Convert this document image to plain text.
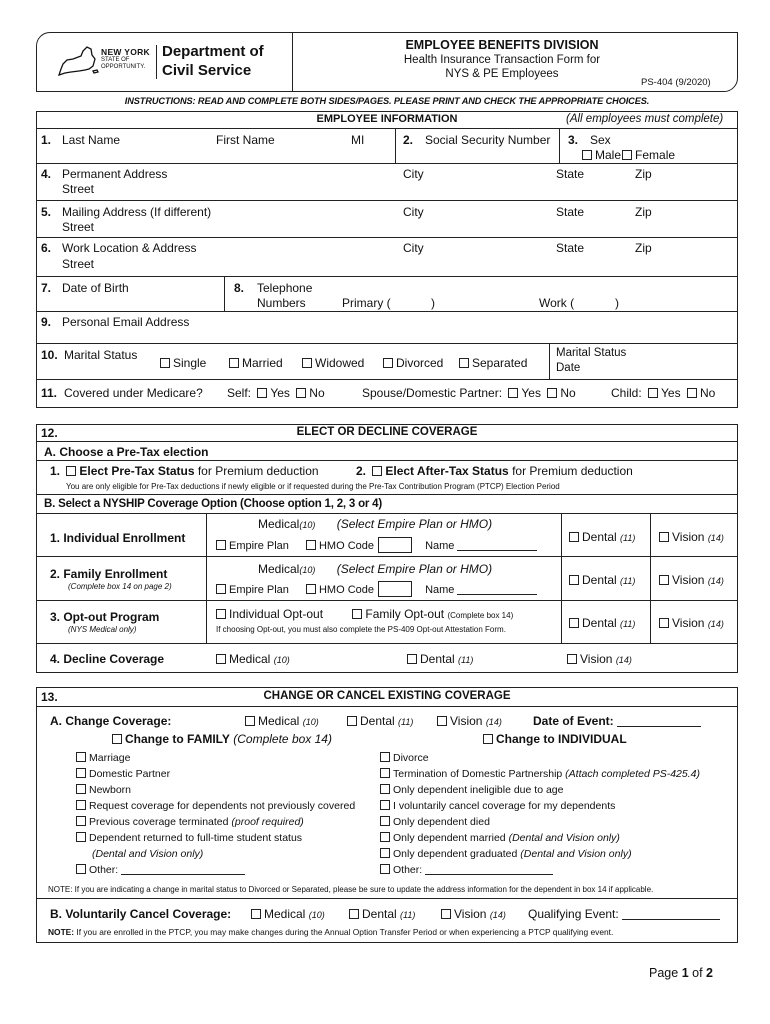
NEW YORK
STATE OF
OPPORTUNITY.
Department of
Civil Service
EMPLOYEE BENEFITS DIVISION
Health Insurance Transaction Form for
NYS & PE Employees
PS-404 (9/2020)
INSTRUCTIONS: READ AND COMPLETE BOTH SIDES/PAGES. PLEASE PRINT AND CHECK THE APPROPRIATE CHOICES.
EMPLOYEE INFORMATION	(All employees must complete)
1. Last Name	First Name	MI	2. Social Security Number 3. Sex
Male Female
4. Permanent Address
Street
City	State	Zip
5. Mailing Address (If different)
Street
City	State	Zip
6. Work Location & Address
Street
City	State	Zip
7. Date of Birth	8. Telephone
Numbers	Primary (	)	Work (	)
9. Personal Email Address
10. Marital Status
Single	Married	Widowed	Divorced	Separated
Marital Status
Date
11. Covered under Medicare? Self: Yes No	Spouse/Domestic Partner: Yes No	Child: Yes No
12.	ELECT OR DECLINE COVERAGE
A. Choose a Pre-Tax election
1. Elect Pre-Tax Status for Premium deduction	2. Elect After-Tax Status for Premium deduction
You are only eligible for Pre-Tax deductions if newly eligible or if requested during the Pre-Tax Contribution Program (PTCP) Election Period
B. Select a NYSHIP Coverage Option (Choose option 1, 2, 3 or 4)
1. Individual Enrollment
Medical(10) (Select Empire Plan or HMO)
Empire Plan	HMO Code	Name
Dental (11)	Vision (14)
2. Family Enrollment
(Complete box 14 on page 2)
Medical(10) (Select Empire Plan or HMO)
Empire Plan	HMO Code	Name
Dental (11)	Vision (14)
3. Opt-out Program
(NYS Medical only)
Individual Opt-out	Family Opt-out (Complete box 14)
If choosing Opt-out, you must also complete the PS-409 Opt-out Attestation Form.	Dental (11)	Vision (14)
4. Decline Coverage	Medical (10)	Dental (11)	Vision (14)
13.	CHANGE OR CANCEL EXISTING COVERAGE
A. Change Coverage:	Medical (10)	Dental (11)	Vision (14)	Date of Event:
Change to FAMILY (Complete box 14)	Change to INDIVIDUAL
Marriage
Domestic Partner
Newborn
Request coverage for dependents not previously covered
Previous coverage terminated (proof required)
Dependent returned to full-time student status
(Dental and Vision only)
Other:
Divorce
Termination of Domestic Partnership (Attach completed PS-425.4)
Only dependent ineligible due to age
I voluntarily cancel coverage for my dependents
Only dependent died
Only dependent married (Dental and Vision only)
Only dependent graduated (Dental and Vision only)
Other:
NOTE: If you are indicating a change in marital status to Divorced or Separated, please be sure to update the address information for the dependent in box 14 if applicable.
B. Voluntarily Cancel Coverage:	Medical (10)	Dental (11)	Vision (14) Qualifying Event:
NOTE: If you are enrolled in the PTCP, you may make changes during the Annual Option Transfer Period or when experiencing a PTCP qualifying event.
Page 1 of 2
